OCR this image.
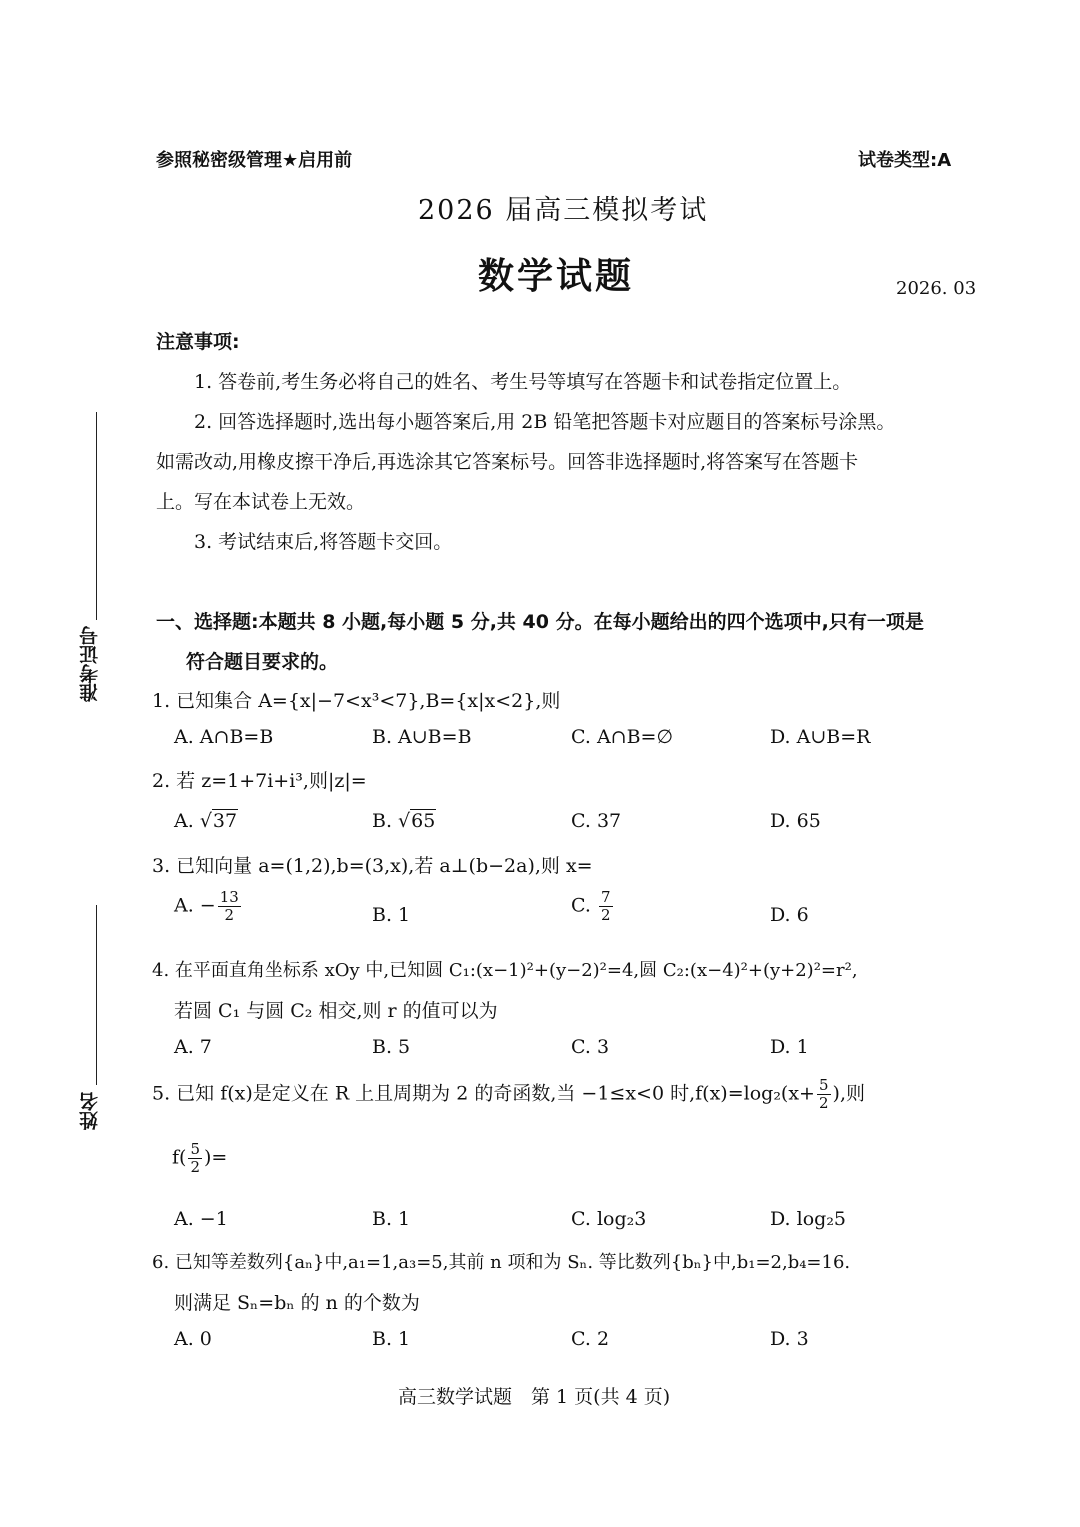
参照秘密级管理★启用前	试卷类型:A
2026 届高三模拟考试
数学试题	2026. 03
注意事项:
1. 答卷前,考生务必将自己的姓名、考生号等填写在答题卡和试卷指定位置上。
2. 回答选择题时,选出每小题答案后,用 2B 铅笔把答题卡对应题目的答案标号涂黑。
如需改动,用橡皮擦干净后,再选涂其它答案标号。回答非选择题时,将答案写在答题卡
上。写在本试卷上无效。
3. 考试结束后,将答题卡交回。
准考证号
姓名
一、选择题:本题共 8 小题,每小题 5 分,共 40 分。在每小题给出的四个选项中,只有一项是
符合题目要求的。
1. 已知集合 A={x|−7<x³<7},B={x|x<2},则
A. A∩B=B	B. A∪B=B	C. A∩B=∅	D. A∪B=R
2. 若 z=1+7i+i³,则|z|=
A. √37	B. √65	C. 37	D. 65
3. 已知向量 a=(1,2),b=(3,x),若 a⊥(b−2a),则 x=
A. − $\frac{13}{2}$	B. 1	C. $\frac{7}{2}$	D. 6
4. 在平面直角坐标系 xOy 中,已知圆 C₁:(x−1)²+(y−2)²=4,圆 C₂:(x−4)²+(y+2)²=r²,
若圆 C₁ 与圆 C₂ 相交,则 r 的值可以为
A. 7	B. 5	C. 3	D. 1
5. 已知 f(x)是定义在 R 上且周期为 2 的奇函数,当 −1≤x<0 时$,f(x)=\log_2(x+ \frac{5}{2}$ ),则
$f( \frac{5}{2}$ )=
A. −1	B. 1	C. log₂3	D. log₂5
6. 已知等差数列{aₙ}中,a₁=1,a₃=5,其前 n 项和为 Sₙ. 等比数列{bₙ}中,b₁=2,b₄=16.
则满足 Sₙ=bₙ 的 n 的个数为
A. 0	B. 1	C. 2	D. 3
高三数学试题　第 1 页(共 4 页)
